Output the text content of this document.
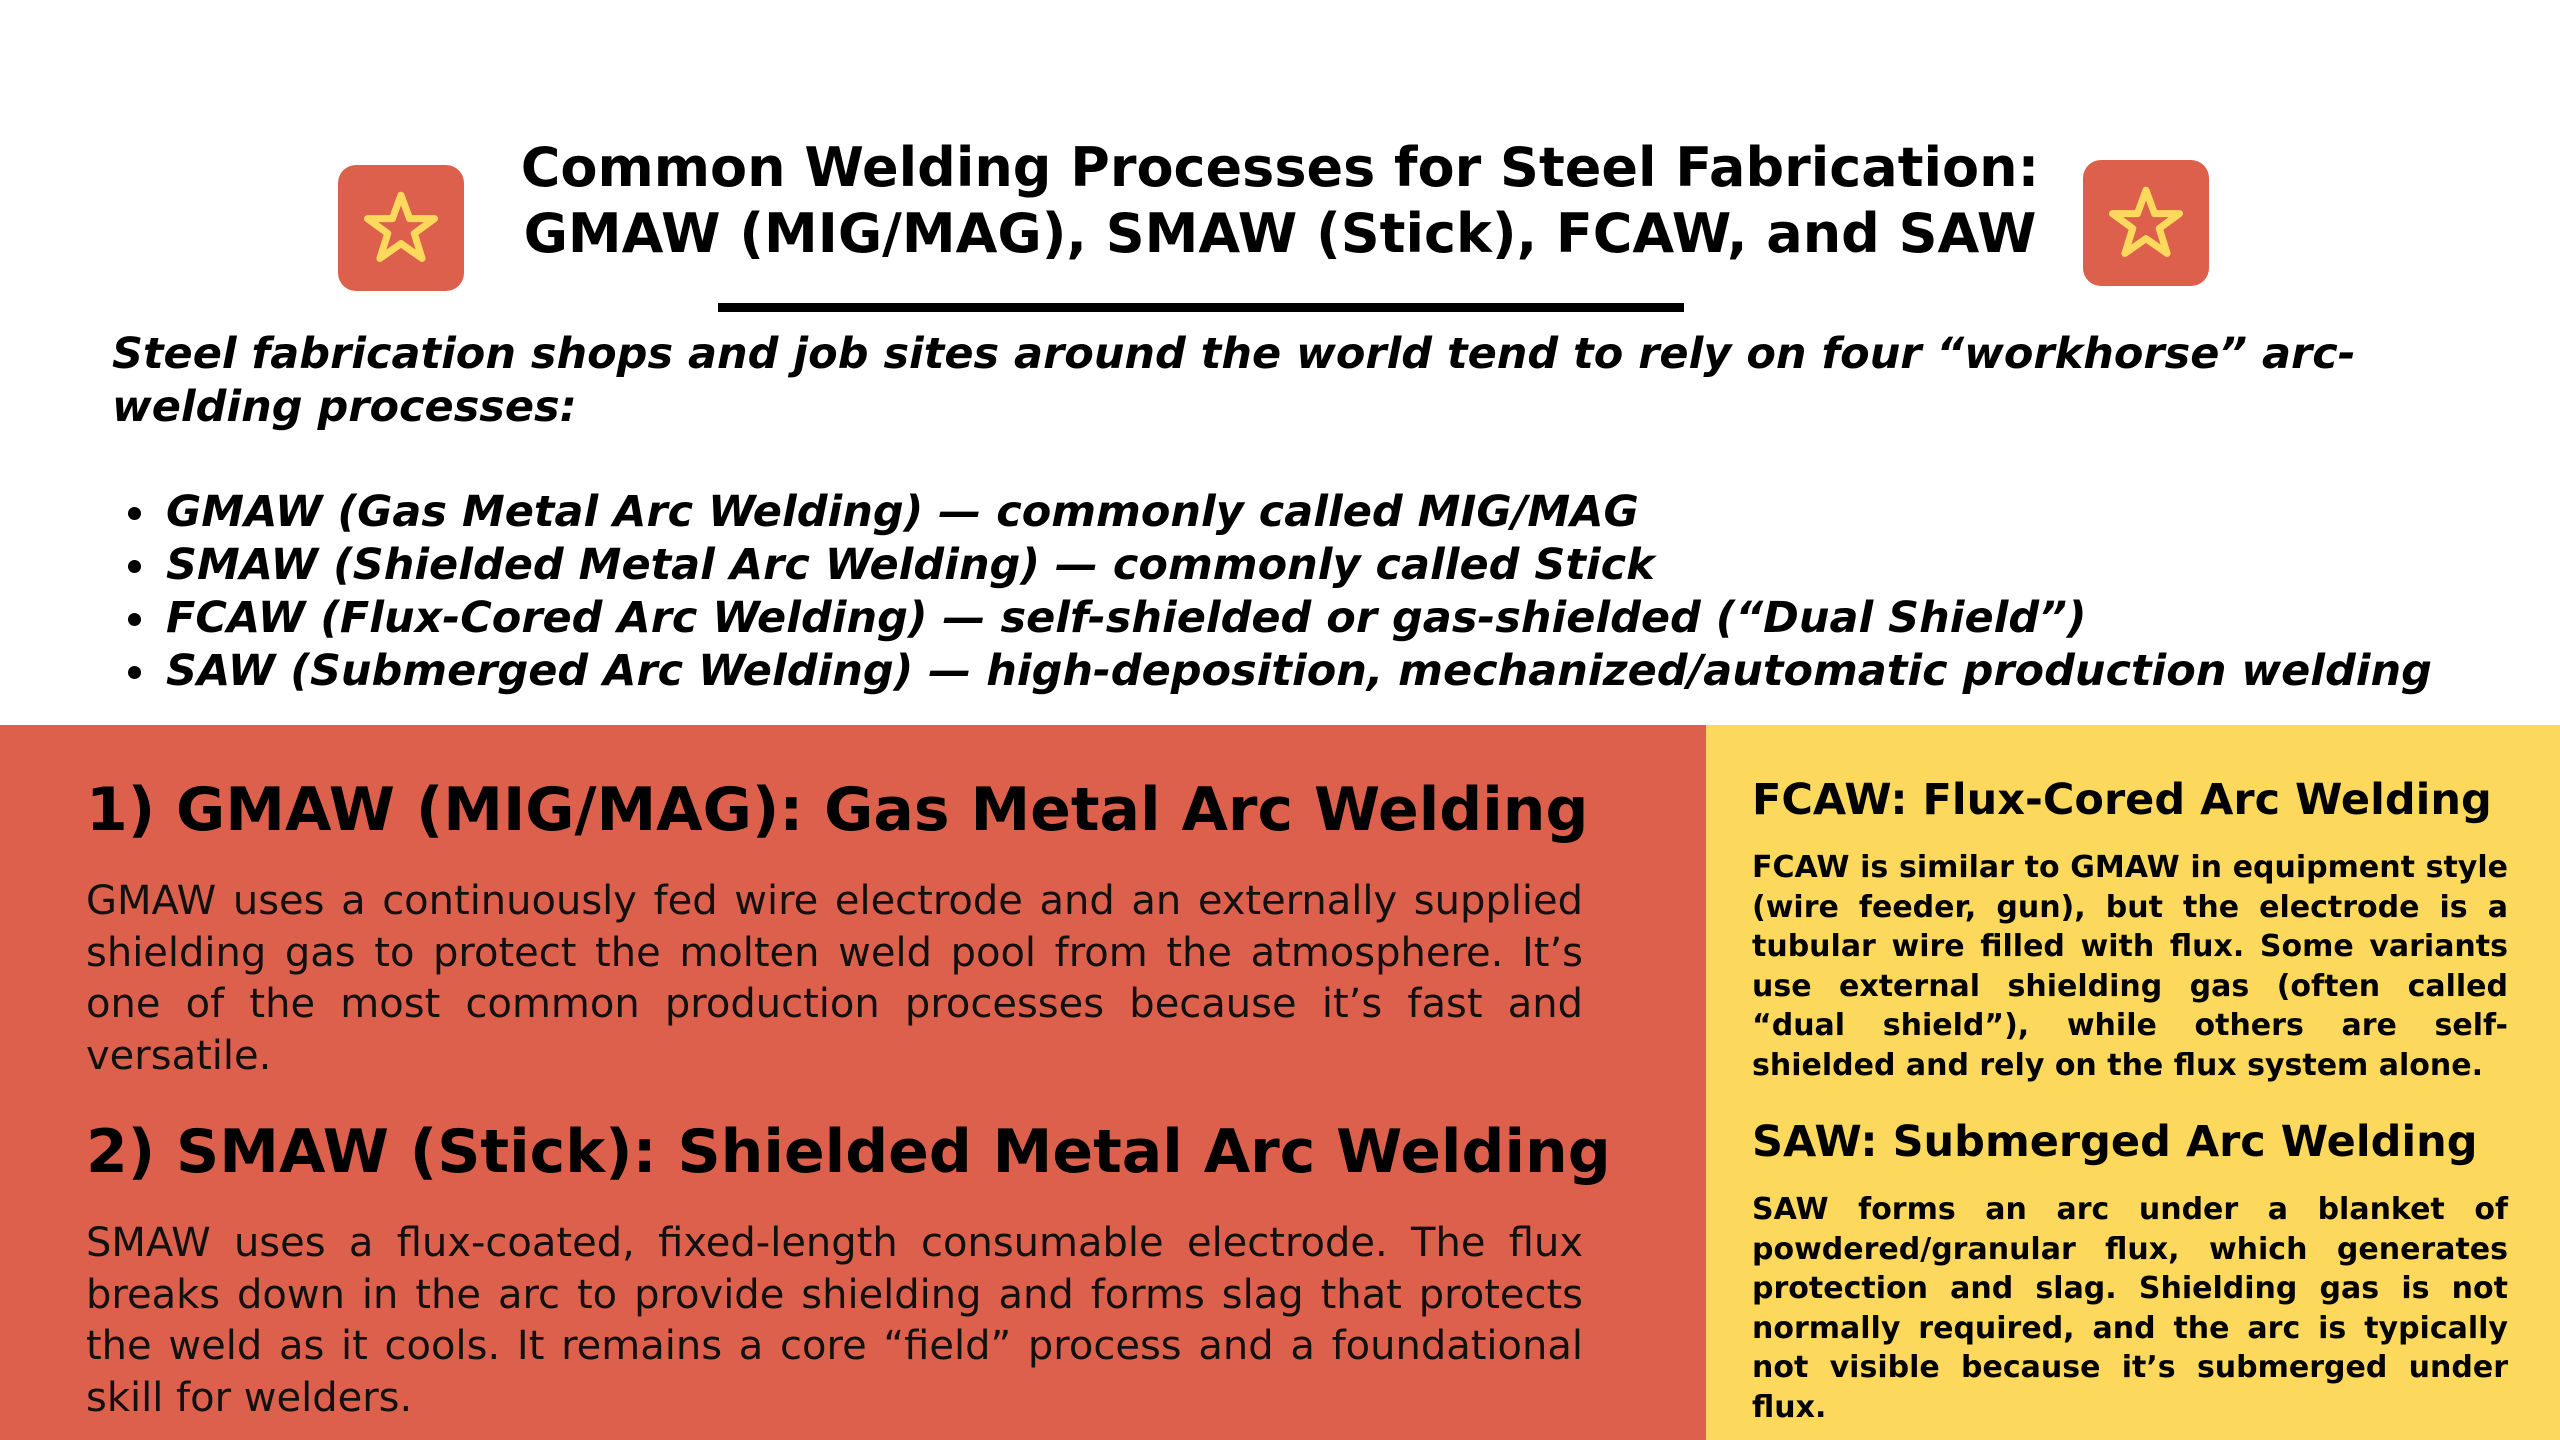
Common Welding Processes for Steel Fabrication:
GMAW (MIG/MAG), SMAW (Stick), FCAW, and SAW

Steel fabrication shops and job sites around the world tend to rely on four “workhorse” arc-welding processes:

GMAW (Gas Metal Arc Welding) — commonly called MIG/MAG
SMAW (Shielded Metal Arc Welding) — commonly called Stick
FCAW (Flux-Cored Arc Welding) — self-shielded or gas-shielded (“Dual Shield”)
SAW (Submerged Arc Welding) — high-deposition, mechanized/automatic production welding
1) GMAW (MIG/MAG): Gas Metal Arc Welding

GMAW uses a continuously fed wire electrode and an externally supplied shielding gas to protect the molten weld pool from the atmosphere. It’s one of the most common production processes because it’s fast and versatile.

2) SMAW (Stick): Shielded Metal Arc Welding

SMAW uses a flux-coated, fixed-length consumable electrode. The flux breaks down in the arc to provide shielding and forms slag that protects the weld as it cools. It remains a core “field” process and a foundational skill for welders.

FCAW: Flux-Cored Arc Welding

FCAW is similar to GMAW in equipment style (wire feeder, gun), but the electrode is a tubular wire filled with flux. Some variants use external shielding gas (often called “dual shield”), while others are self-shielded and rely on the flux system alone.

SAW: Submerged Arc Welding

SAW forms an arc under a blanket of powdered/granular flux, which generates protection and slag. Shielding gas is not normally required, and the arc is typically not visible because it’s submerged under flux.
